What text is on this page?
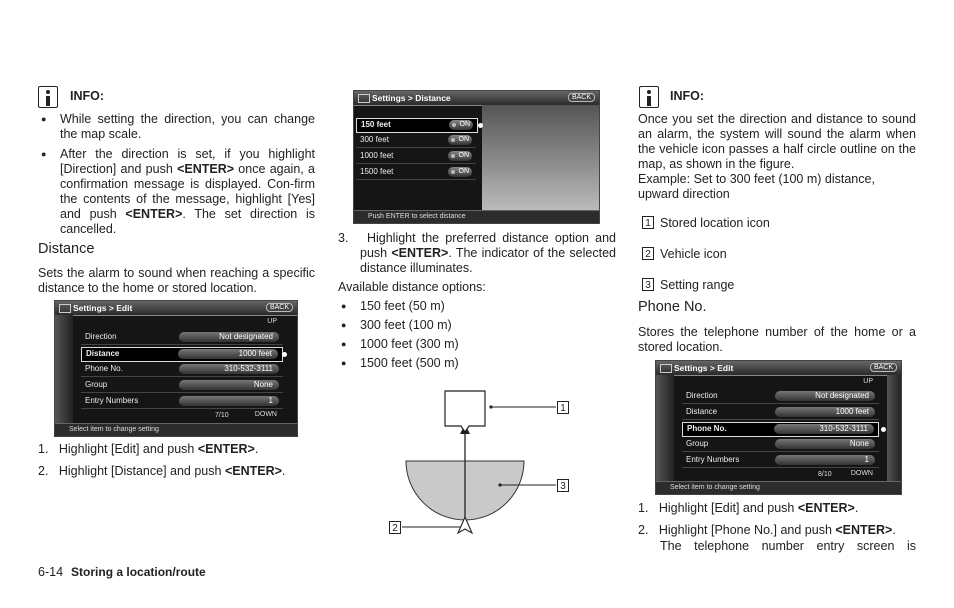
INFO:
● While setting the direction, you can change the map scale.
● After the direction is set, if you highlight [Direction] and push <ENTER> once again, a confirmation message is displayed. Con-firm the contents of the message, highlight [Yes] and push <ENTER>. The set direction is cancelled.
Distance
Sets the alarm to sound when reaching a specific distance to the home or stored location.
Settings > Edit	BACK
UP
Direction	Not designated
Distance	1000 feet
Phone No.	310-532-3111
Group	None
Entry Numbers	1
7/10	DOWN
Select item to change setting
1. Highlight [Edit] and push <ENTER>.
2. Highlight [Distance] and push <ENTER>.
Settings > Distance	BACK
150 feet	ON
300 feet	ON
1000 feet	ON
1500 feet	ON
Push ENTER to select distance
3. Highlight the preferred distance option and push <ENTER>. The indicator of the selected distance illuminates.
Available distance options:
● 150 feet (50 m)
● 300 feet (100 m)
● 1000 feet (300 m)
● 1500 feet (500 m)
1
3
2
INFO:
Once you set the direction and distance to sound an alarm, the system will sound the alarm when the vehicle icon passes a half circle outline on the map, as shown in the figure.
Example: Set to 300 feet (100 m) distance, upward direction
1 Stored location icon
2 Vehicle icon
3 Setting range
Phone No.
Stores the telephone number of the home or a stored location.
Settings > Edit	BACK
UP
Direction	Not designated
Distance	1000 feet
Phone No.	310-532-3111
Group	None
Entry Numbers	1
8/10	DOWN
Select item to change setting
1. Highlight [Edit] and push <ENTER>.
2. Highlight [Phone No.] and push <ENTER>.
The telephone number entry screen is
6-14 Storing a location/route
